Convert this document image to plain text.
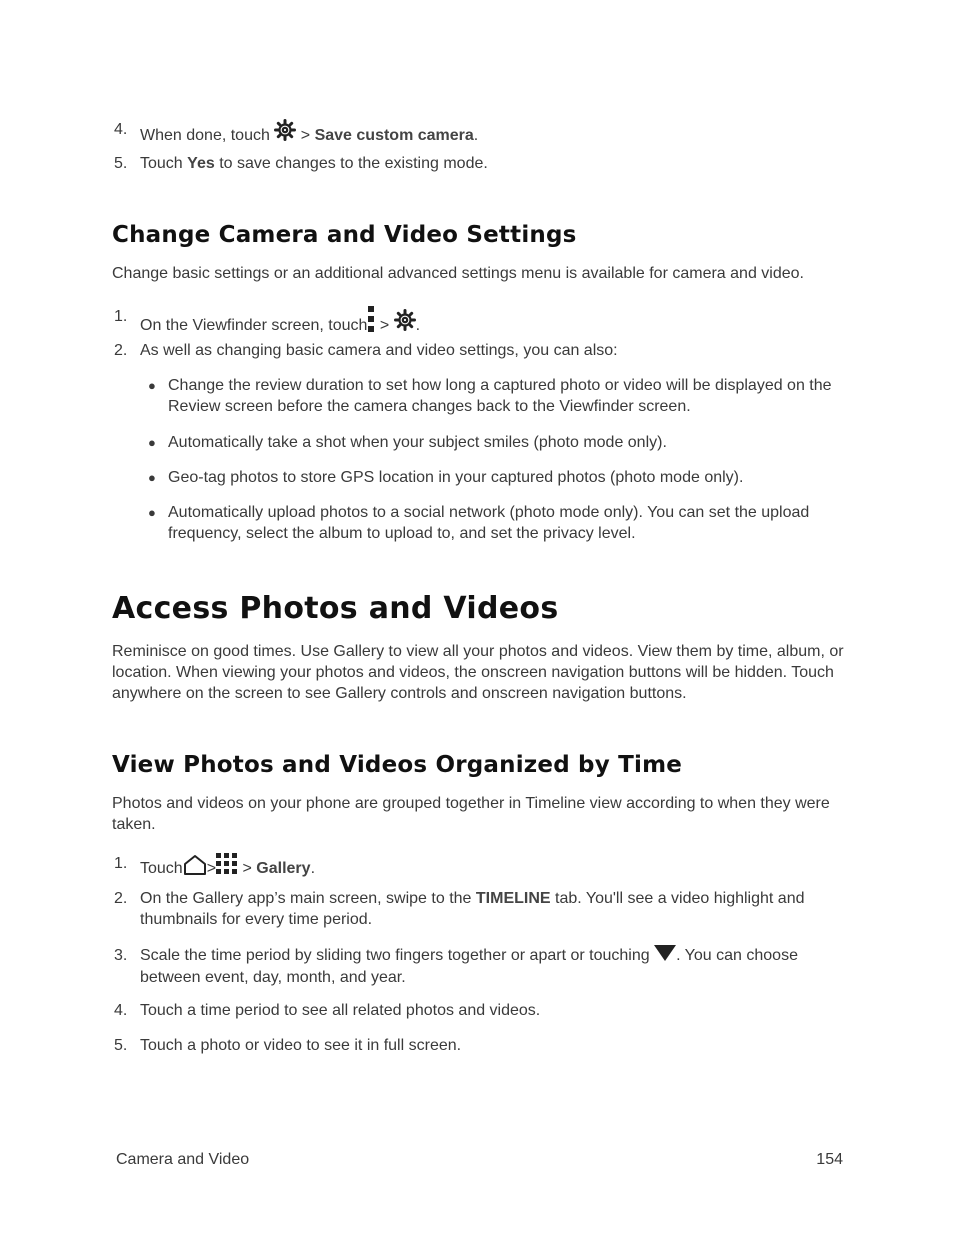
4. When done, touch > Save custom camera.
5. Touch Yes to save changes to the existing mode.
Change Camera and Video Settings
Change basic settings or an additional advanced settings menu is available for camera and video.
1.
On the Viewfinder screen, touch > .
2. As well as changing basic camera and video settings, you can also:
● Change the review duration to set how long a captured photo or video will be displayed on the Review screen before the camera changes back to the Viewfinder screen.
● Automatically take a shot when your subject smiles (photo mode only).
● Geo-tag photos to store GPS location in your captured photos (photo mode only).
● Automatically upload photos to a social network (photo mode only). You can set the upload frequency, select the album to upload to, and set the privacy level.
Access Photos and Videos
Reminisce on good times. Use Gallery to view all your photos and videos. View them by time, album, or location. When viewing your photos and videos, the onscreen navigation buttons will be hidden. Touch anywhere on the screen to see Gallery controls and onscreen navigation buttons.
View Photos and Videos Organized by Time
Photos and videos on your phone are grouped together in Timeline view according to when they were taken.
1. Touch > > Gallery.
2. On the Gallery app’s main screen, swipe to the TIMELINE tab. You'll see a video highlight and thumbnails for every time period.
3. Scale the time period by sliding two fingers together or apart or touching . You can choose between event, day, month, and year.
4. Touch a time period to see all related photos and videos.
5. Touch a photo or video to see it in full screen.
Camera and Video	154
